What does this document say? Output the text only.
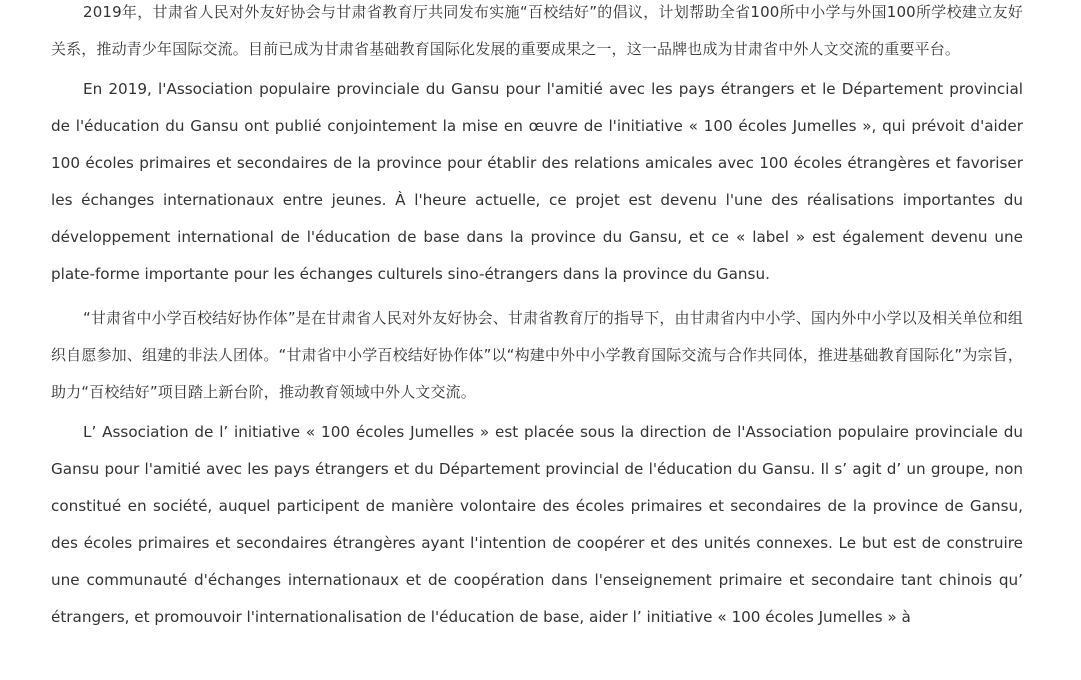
2019年，甘肃省人民对外友好协会与甘肃省教育厅共同发布实施“百校结好”的倡议，计划帮助全省100所中小学与外国100所学校建立友好关系，推动青少年国际交流。目前已成为甘肃省基础教育国际化发展的重要成果之一，这一品牌也成为甘肃省中外人文交流的重要平台。

En 2019, l'Association populaire provinciale du Gansu pour l'amitié avec les pays étrangers et le Département provincial de l'éducation du Gansu ont publié conjointement la mise en œuvre de l'initiative « 100 écoles Jumelles », qui prévoit d'aider 100 écoles primaires et secondaires de la province pour établir des relations amicales avec 100 écoles étrangères et favoriser les échanges internationaux entre jeunes. À l'heure actuelle, ce projet est devenu l'une des réalisations importantes du développement international de l'éducation de base dans la province du Gansu, et ce « label » est également devenu une plate-forme importante pour les échanges culturels sino-étrangers dans la province du Gansu.

“甘肃省中小学百校结好协作体”是在甘肃省人民对外友好协会、甘肃省教育厅的指导下，由甘肃省内中小学、国内外中小学以及相关单位和组织自愿参加、组建的非法人团体。“甘肃省中小学百校结好协作体”以“构建中外中小学教育国际交流与合作共同体，推进基础教育国际化”为宗旨，助力“百校结好”项目踏上新台阶，推动教育领域中外人文交流。

L’ Association de l’ initiative « 100 écoles Jumelles » est placée sous la direction de l'Association populaire provinciale du Gansu pour l'amitié avec les pays étrangers et du Département provincial de l'éducation du Gansu. Il s’ agit d’ un groupe, non constitué en société, auquel participent de manière volontaire des écoles primaires et secondaires de la province de Gansu, des écoles primaires et secondaires étrangères ayant l'intention de coopérer et des unités connexes. Le but est de construire une communauté d'échanges internationaux et de coopération dans l'enseignement primaire et secondaire tant chinois qu’ étrangers, et promouvoir l'internationalisation de l'éducation de base, aider l’ initiative « 100 écoles Jumelles » à
